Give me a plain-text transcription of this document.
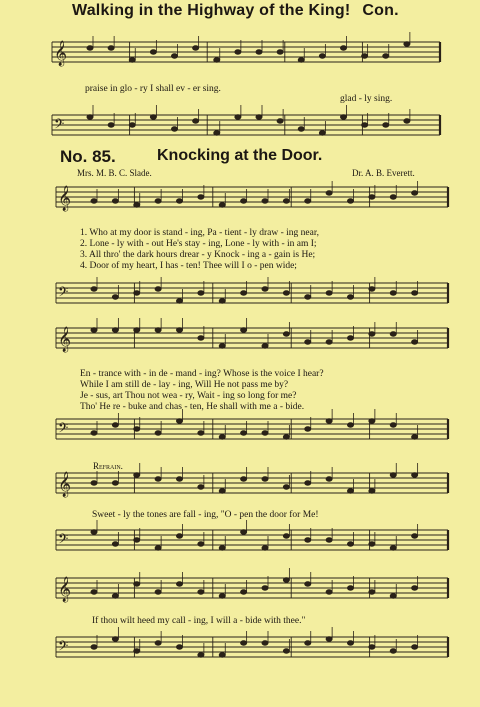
𝄞
𝄢
𝄞
𝄢
𝄞
𝄢
𝄞
𝄢
𝄞
𝄢
Walking in the Highway of the King! Con.
praise in glo - ry I shall ev - er sing.
glad - ly sing.
No. 85.	Knocking at the Door.
Mrs. M. B. C. Slade.	Dr. A. B. Everett.
1. Who at my door is stand - ing, Pa - tient - ly draw - ing near,
2. Lone - ly with - out He's stay - ing, Lone - ly with - in am I;
3. All thro' the dark hours drear - y Knock - ing a - gain is He;
4. Door of my heart, I has - ten! Thee will I o - pen wide;
En - trance with - in de - mand - ing? Whose is the voice I hear?
While I am still de - lay - ing, Will He not pass me by?
Je - sus, art Thou not wea - ry, Wait - ing so long for me?
Tho' He re - buke and chas - ten, He shall with me a - bide.
Refrain.
Sweet - ly the tones are fall - ing, "O - pen the door for Me!
If thou wilt heed my call - ing, I will a - bide with thee."
